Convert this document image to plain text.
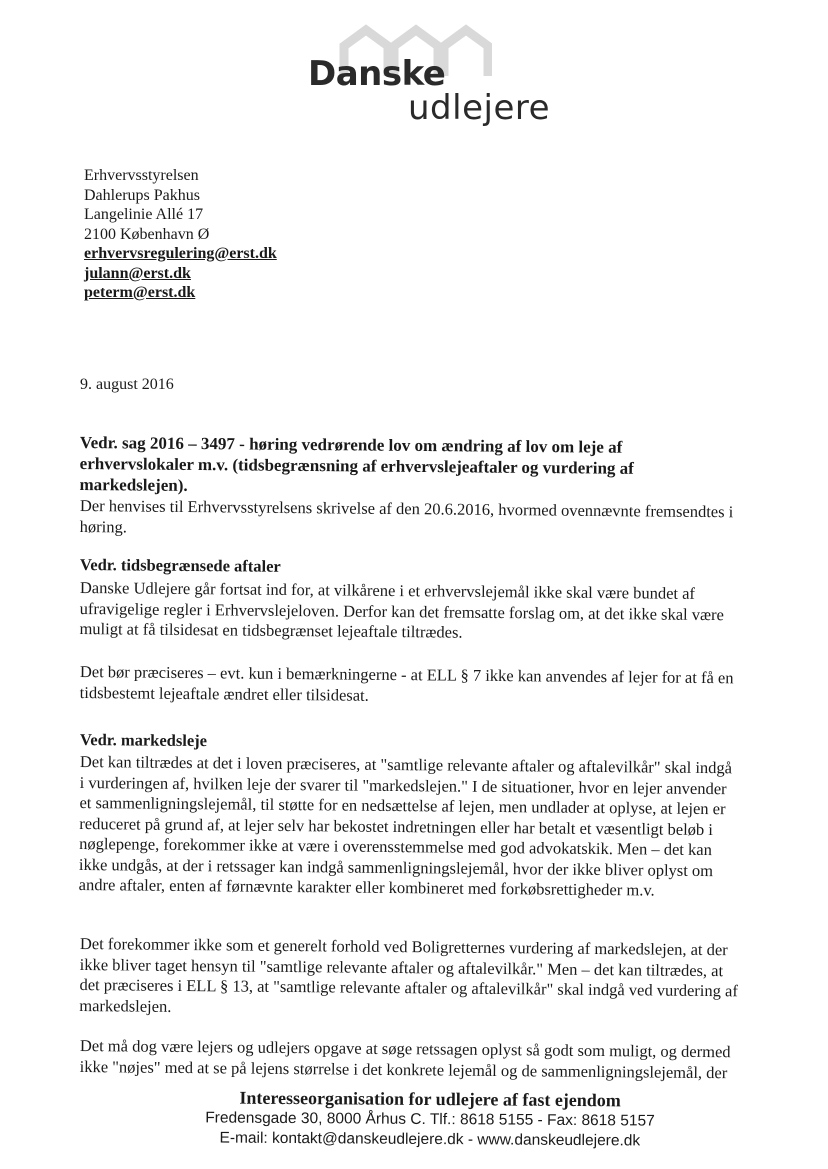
Danske
udlejere
Erhvervsstyrelsen
Dahlerups Pakhus
Langelinie Allé 17
2100 København Ø
erhvervsregulering@erst.dk
julann@erst.dk
peterm@erst.dk
9. august 2016
Vedr. sag 2016 – 3497 - høring vedrørende lov om ændring af lov om leje af erhvervslokaler m.v. (tidsbegrænsning af erhvervslejeaftaler og vurdering af markedslejen).
Der henvises til Erhvervsstyrelsens skrivelse af den 20.6.2016, hvormed ovennævnte fremsendtes i høring.
Vedr. tidsbegrænsede aftaler
Danske Udlejere går fortsat ind for, at vilkårene i et erhvervslejemål ikke skal være bundet af ufravigelige regler i Erhvervslejeloven. Derfor kan det fremsatte forslag om, at det ikke skal være muligt at få tilsidesat en tidsbegrænset lejeaftale tiltrædes.
Det bør præciseres – evt. kun i bemærkningerne - at ELL § 7 ikke kan anvendes af lejer for at få en tidsbestemt lejeaftale ændret eller tilsidesat.
Vedr. markedsleje
Det kan tiltrædes at det i loven præciseres, at "samtlige relevante aftaler og aftalevilkår" skal indgå i vurderingen af, hvilken leje der svarer til "markedslejen." I de situationer, hvor en lejer anvender et sammenligningslejemål, til støtte for en nedsættelse af lejen, men undlader at oplyse, at lejen er reduceret på grund af, at lejer selv har bekostet indretningen eller har betalt et væsentligt beløb i nøglepenge, forekommer ikke at være i overensstemmelse med god advokatskik. Men – det kan ikke undgås, at der i retssager kan indgå sammenligningslejemål, hvor der ikke bliver oplyst om andre aftaler, enten af førnævnte karakter eller kombineret med forkøbsrettigheder m.v.
Det forekommer ikke som et generelt forhold ved Boligretternes vurdering af markedslejen, at der ikke bliver taget hensyn til "samtlige relevante aftaler og aftalevilkår." Men – det kan tiltrædes, at det præciseres i ELL § 13, at "samtlige relevante aftaler og aftalevilkår" skal indgå ved vurdering af markedslejen.
Det må dog være lejers og udlejers opgave at søge retssagen oplyst så godt som muligt, og dermed ikke "nøjes" med at se på lejens størrelse i det konkrete lejemål og de sammenligningslejemål, der
Interesseorganisation for udlejere af fast ejendom
Fredensgade 30, 8000 Århus C. Tlf.: 8618 5155 - Fax: 8618 5157
E-mail: kontakt@danskeudlejere.dk - www.danskeudlejere.dk
